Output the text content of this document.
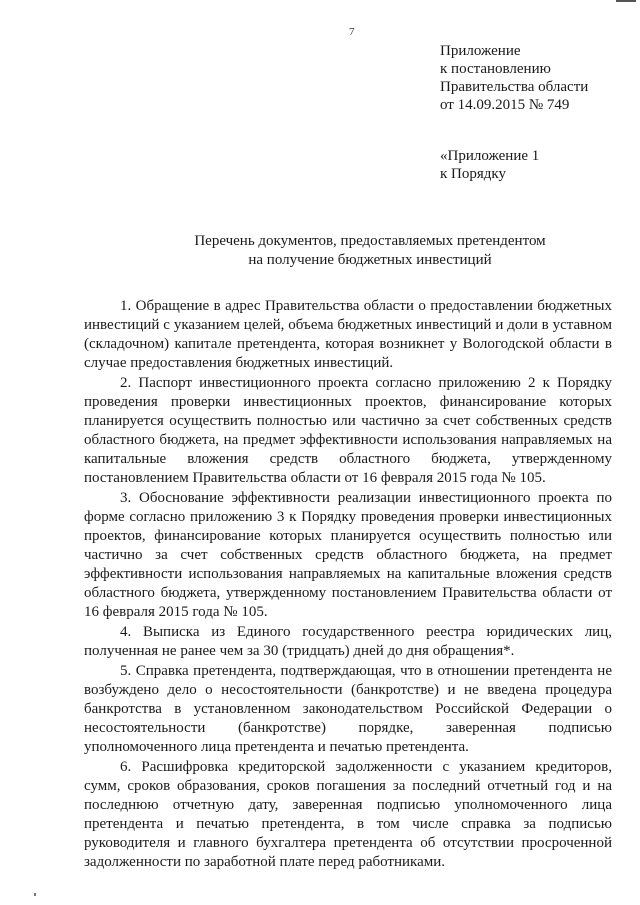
7
Приложение
к постановлению
Правительства области
от 14.09.2015 № 749
«Приложение 1
к Порядку
Перечень документов, предоставляемых претендентом
на получение бюджетных инвестиций

1. Обращение в адрес Правительства области о предоставлении бюджетных инвестиций с указанием целей, объема бюджетных инвестиций и доли в уставном (складочном) капитале претендента, которая возникнет у Вологодской области в случае предоставления бюджетных инвестиций.

2. Паспорт инвестиционного проекта согласно приложению 2 к Порядку проведения проверки инвестиционных проектов, финансирование которых планируется осуществить полностью или частично за счет собственных средств областного бюджета, на предмет эффективности использования направляемых на капитальные вложения средств областного бюджета, утвержденному постановлением Правительства области от 16 февраля 2015 года № 105.

3. Обоснование эффективности реализации инвестиционного проекта по форме согласно приложению 3 к Порядку проведения проверки инвестиционных проектов, финансирование которых планируется осуществить полностью или частично за счет собственных средств областного бюджета, на предмет эффективности использования направляемых на капитальные вложения средств областного бюджета, утвержденному постановлением Правительства области от 16 февраля 2015 года № 105.

4. Выписка из Единого государственного реестра юридических лиц, полученная не ранее чем за 30 (тридцать) дней до дня обращения*.

5. Справка претендента, подтверждающая, что в отношении претендента не возбуждено дело о несостоятельности (банкротстве) и не введена процедура банкротства в установленном законодательством Российской Федерации о несостоятельности (банкротстве) порядке, заверенная подписью уполномоченного лица претендента и печатью претендента.

6. Расшифровка кредиторской задолженности с указанием кредиторов, сумм, сроков образования, сроков погашения за последний отчетный год и на последнюю отчетную дату, заверенная подписью уполномоченного лица претендента и печатью претендента, в том числе справка за подписью руководителя и главного бухгалтера претендента об отсутствии просроченной задолженности по заработной плате перед работниками.
